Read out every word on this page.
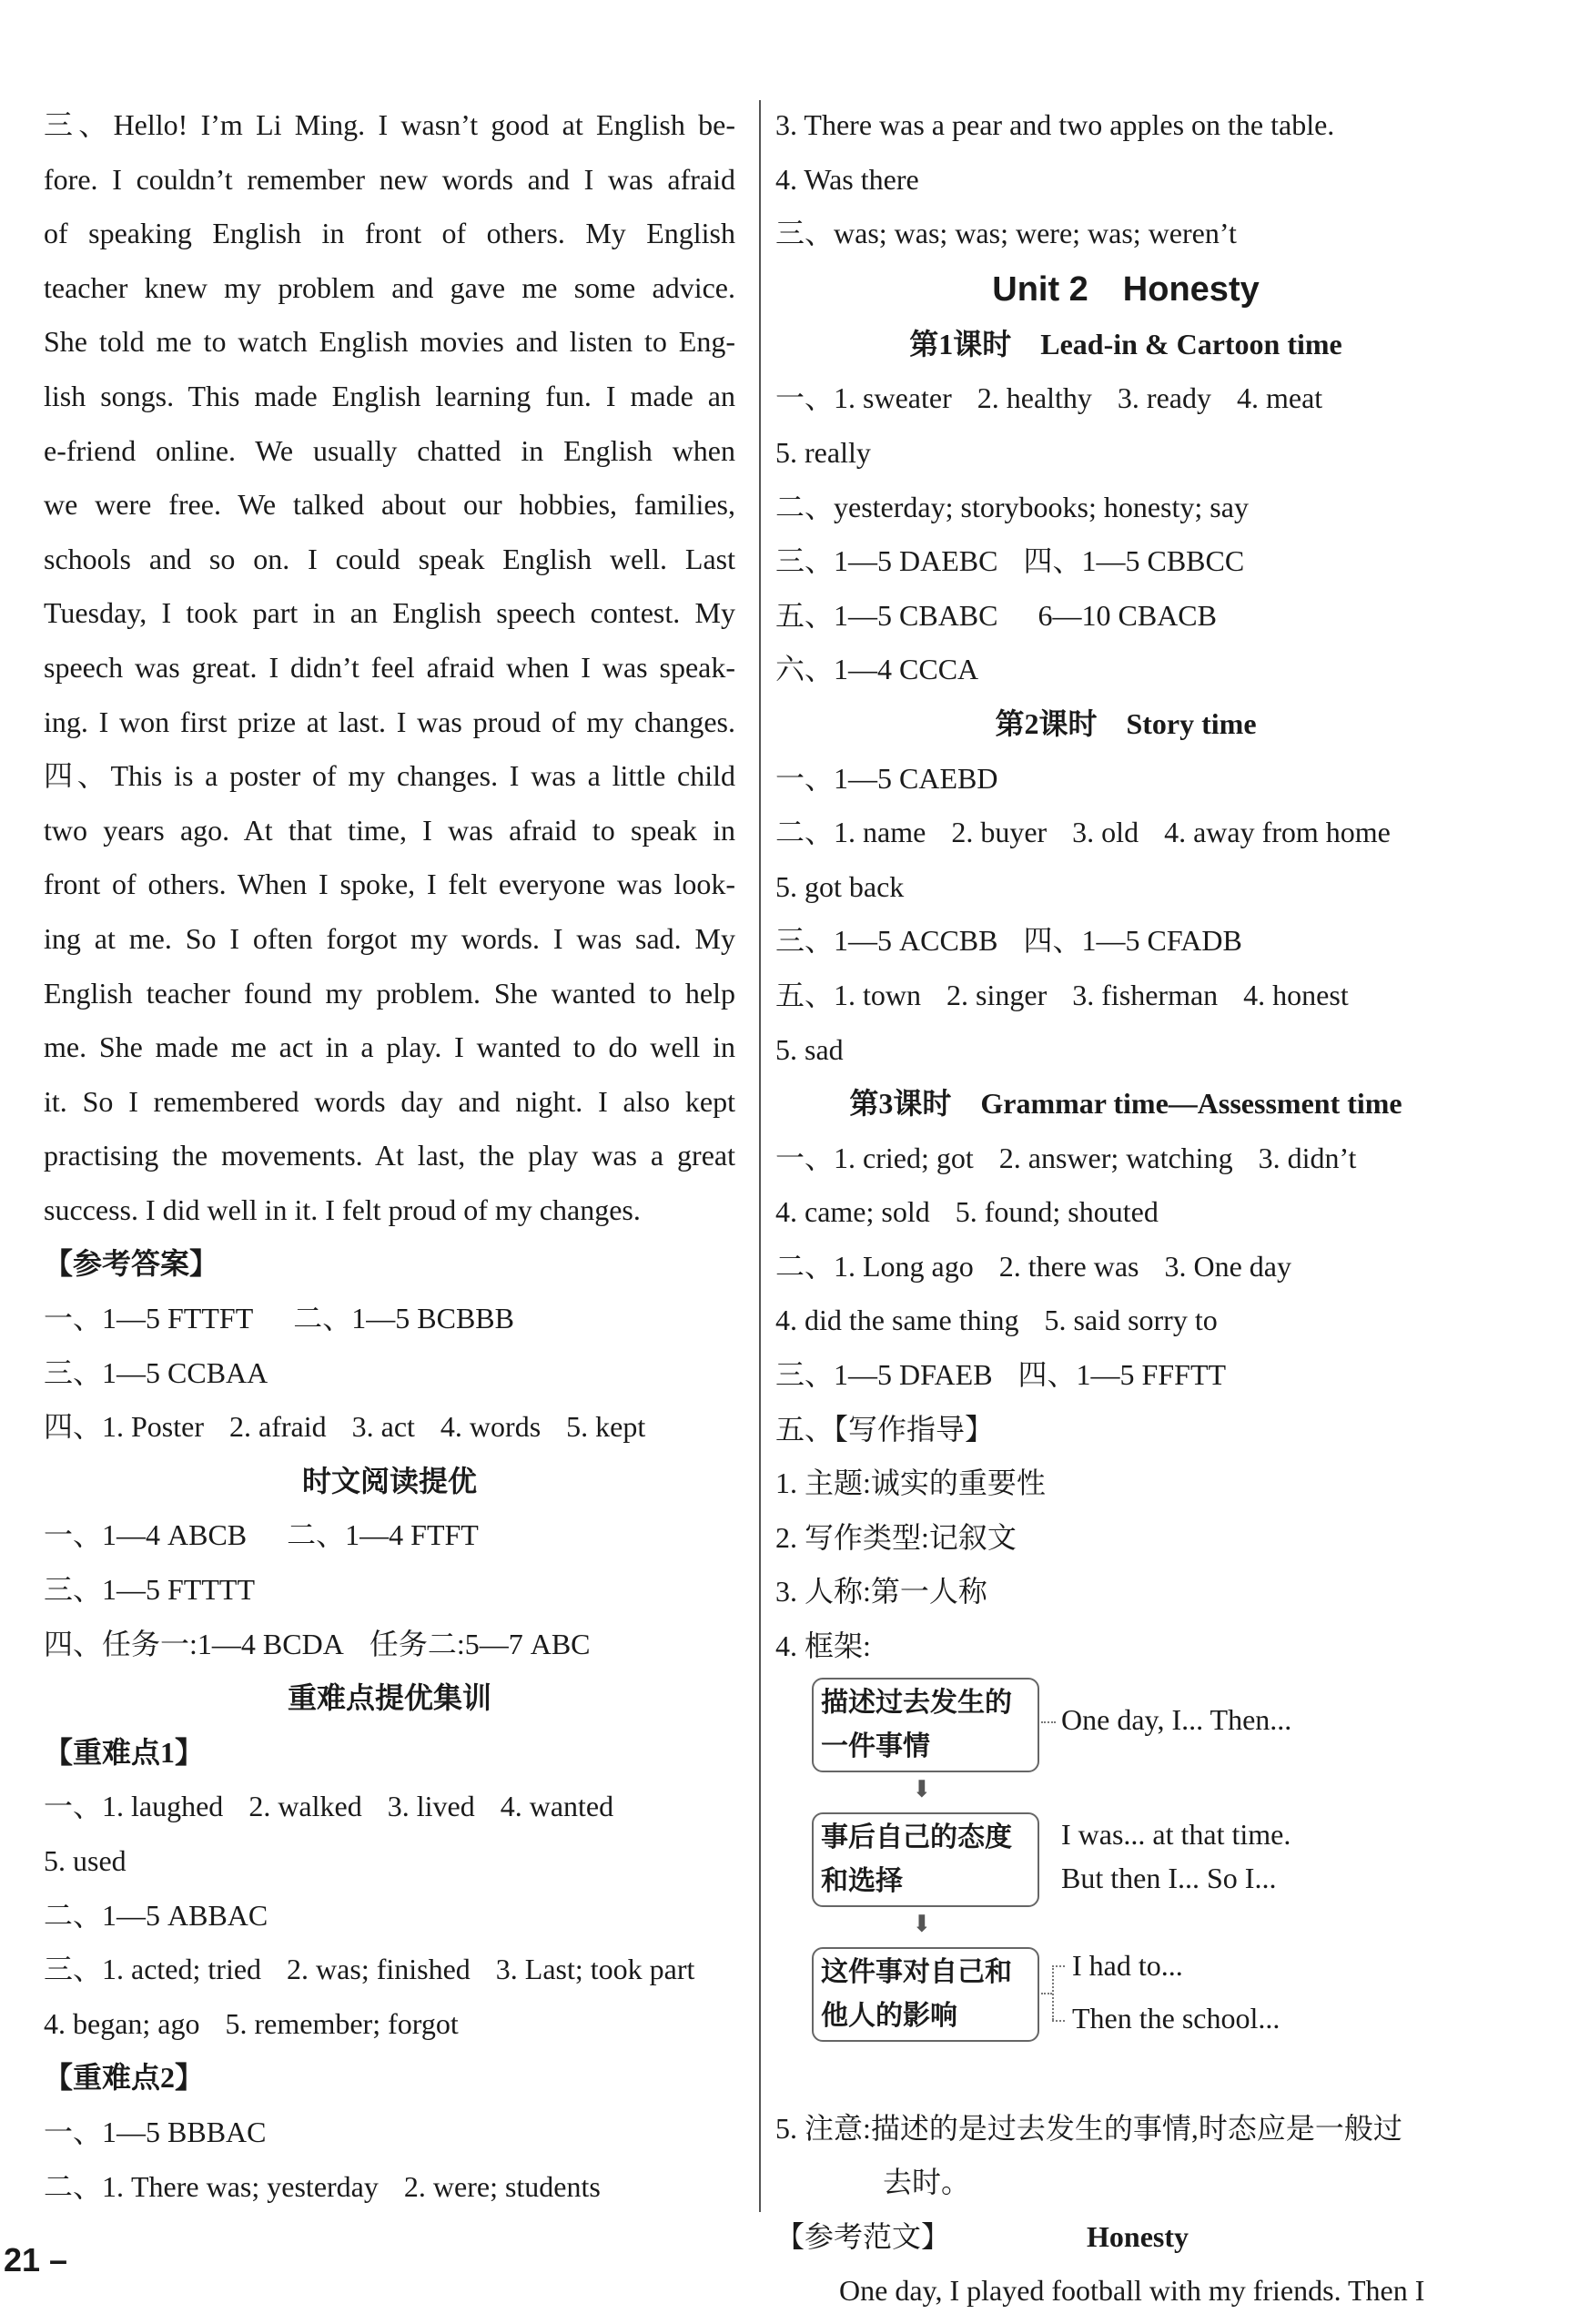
三、Hello! I’m Li Ming. I wasn’t good at English be-
fore. I couldn’t remember new words and I was afraid
of speaking English in front of others. My English
teacher knew my problem and gave me some advice.
She told me to watch English movies and listen to Eng-
lish songs. This made English learning fun. I made an
e-friend online. We usually chatted in English when
we were free. We talked about our hobbies, families,
schools and so on. I could speak English well. Last
Tuesday, I took part in an English speech contest. My
speech was great. I didn’t feel afraid when I was speak-
ing. I won first prize at last. I was proud of my changes.
四、This is a poster of my changes. I was a little child
two years ago. At that time, I was afraid to speak in
front of others. When I spoke, I felt everyone was look-
ing at me. So I often forgot my words. I was sad. My
English teacher found my problem. She wanted to help
me. She made me act in a play. I wanted to do well in
it. So I remembered words day and night. I also kept
practising the movements. At last, the play was a great
success. I did well in it. I felt proud of my changes.
【参考答案】
一、1—5 FTTFT 二、1—5 BCBBB
三、1—5 CCBAA
四、1. Poster 2. afraid 3. act 4. words 5. kept
时文阅读提优
一、1—4 ABCB 二、1—4 FTFT
三、1—5 FTTTT
四、任务一:1—4 BCDA 任务二:5—7 ABC
重难点提优集训
【重难点1】
一、1. laughed 2. walked 3. lived 4. wanted
5. used
二、1—5 ABBAC
三、1. acted; tried 2. was; finished 3. Last; took part
4. began; ago 5. remember; forgot
【重难点2】
一、1—5 BBBAC
二、1. There was; yesterday 2. were; students
3. There was a pear and two apples on the table.
4. Was there
三、was; was; was; were; was; weren’t
Unit 2　Honesty
第1课时　Lead-in & Cartoon time
一、1. sweater 2. healthy 3. ready 4. meat
5. really
二、yesterday; storybooks; honesty; say
三、1—5 DAEBC 四、1—5 CBBCC
五、1—5 CBABC 6—10 CBACB
六、1—4 CCCA
第2课时　Story time
一、1—5 CAEBD
二、1. name 2. buyer 3. old 4. away from home
5. got back
三、1—5 ACCBB 四、1—5 CFADB
五、1. town 2. singer 3. fisherman 4. honest
5. sad
第3课时　Grammar time—Assessment time
一、1. cried; got 2. answer; watching 3. didn’t
4. came; sold 5. found; shouted
二、1. Long ago 2. there was 3. One day
4. did the same thing 5. said sorry to
三、1—5 DFAEB 四、1—5 FFFTT
五、【写作指导】
1. 主题:诚实的重要性
2. 写作类型:记叙文
3. 人称:第一人称
4. 框架:
描述过去发生的
一件事情
One day, I... Then...
⬇
事后自己的态度
和选择
I was... at that time.
But then I... So I...
⬇
这件事对自己和
他人的影响
I had to...
Then the school...
5. 注意:描述的是过去发生的事情,时态应是一般过
去时。
【参考范文】	Honesty
One day, I played football with my friends. Then I
21 –
